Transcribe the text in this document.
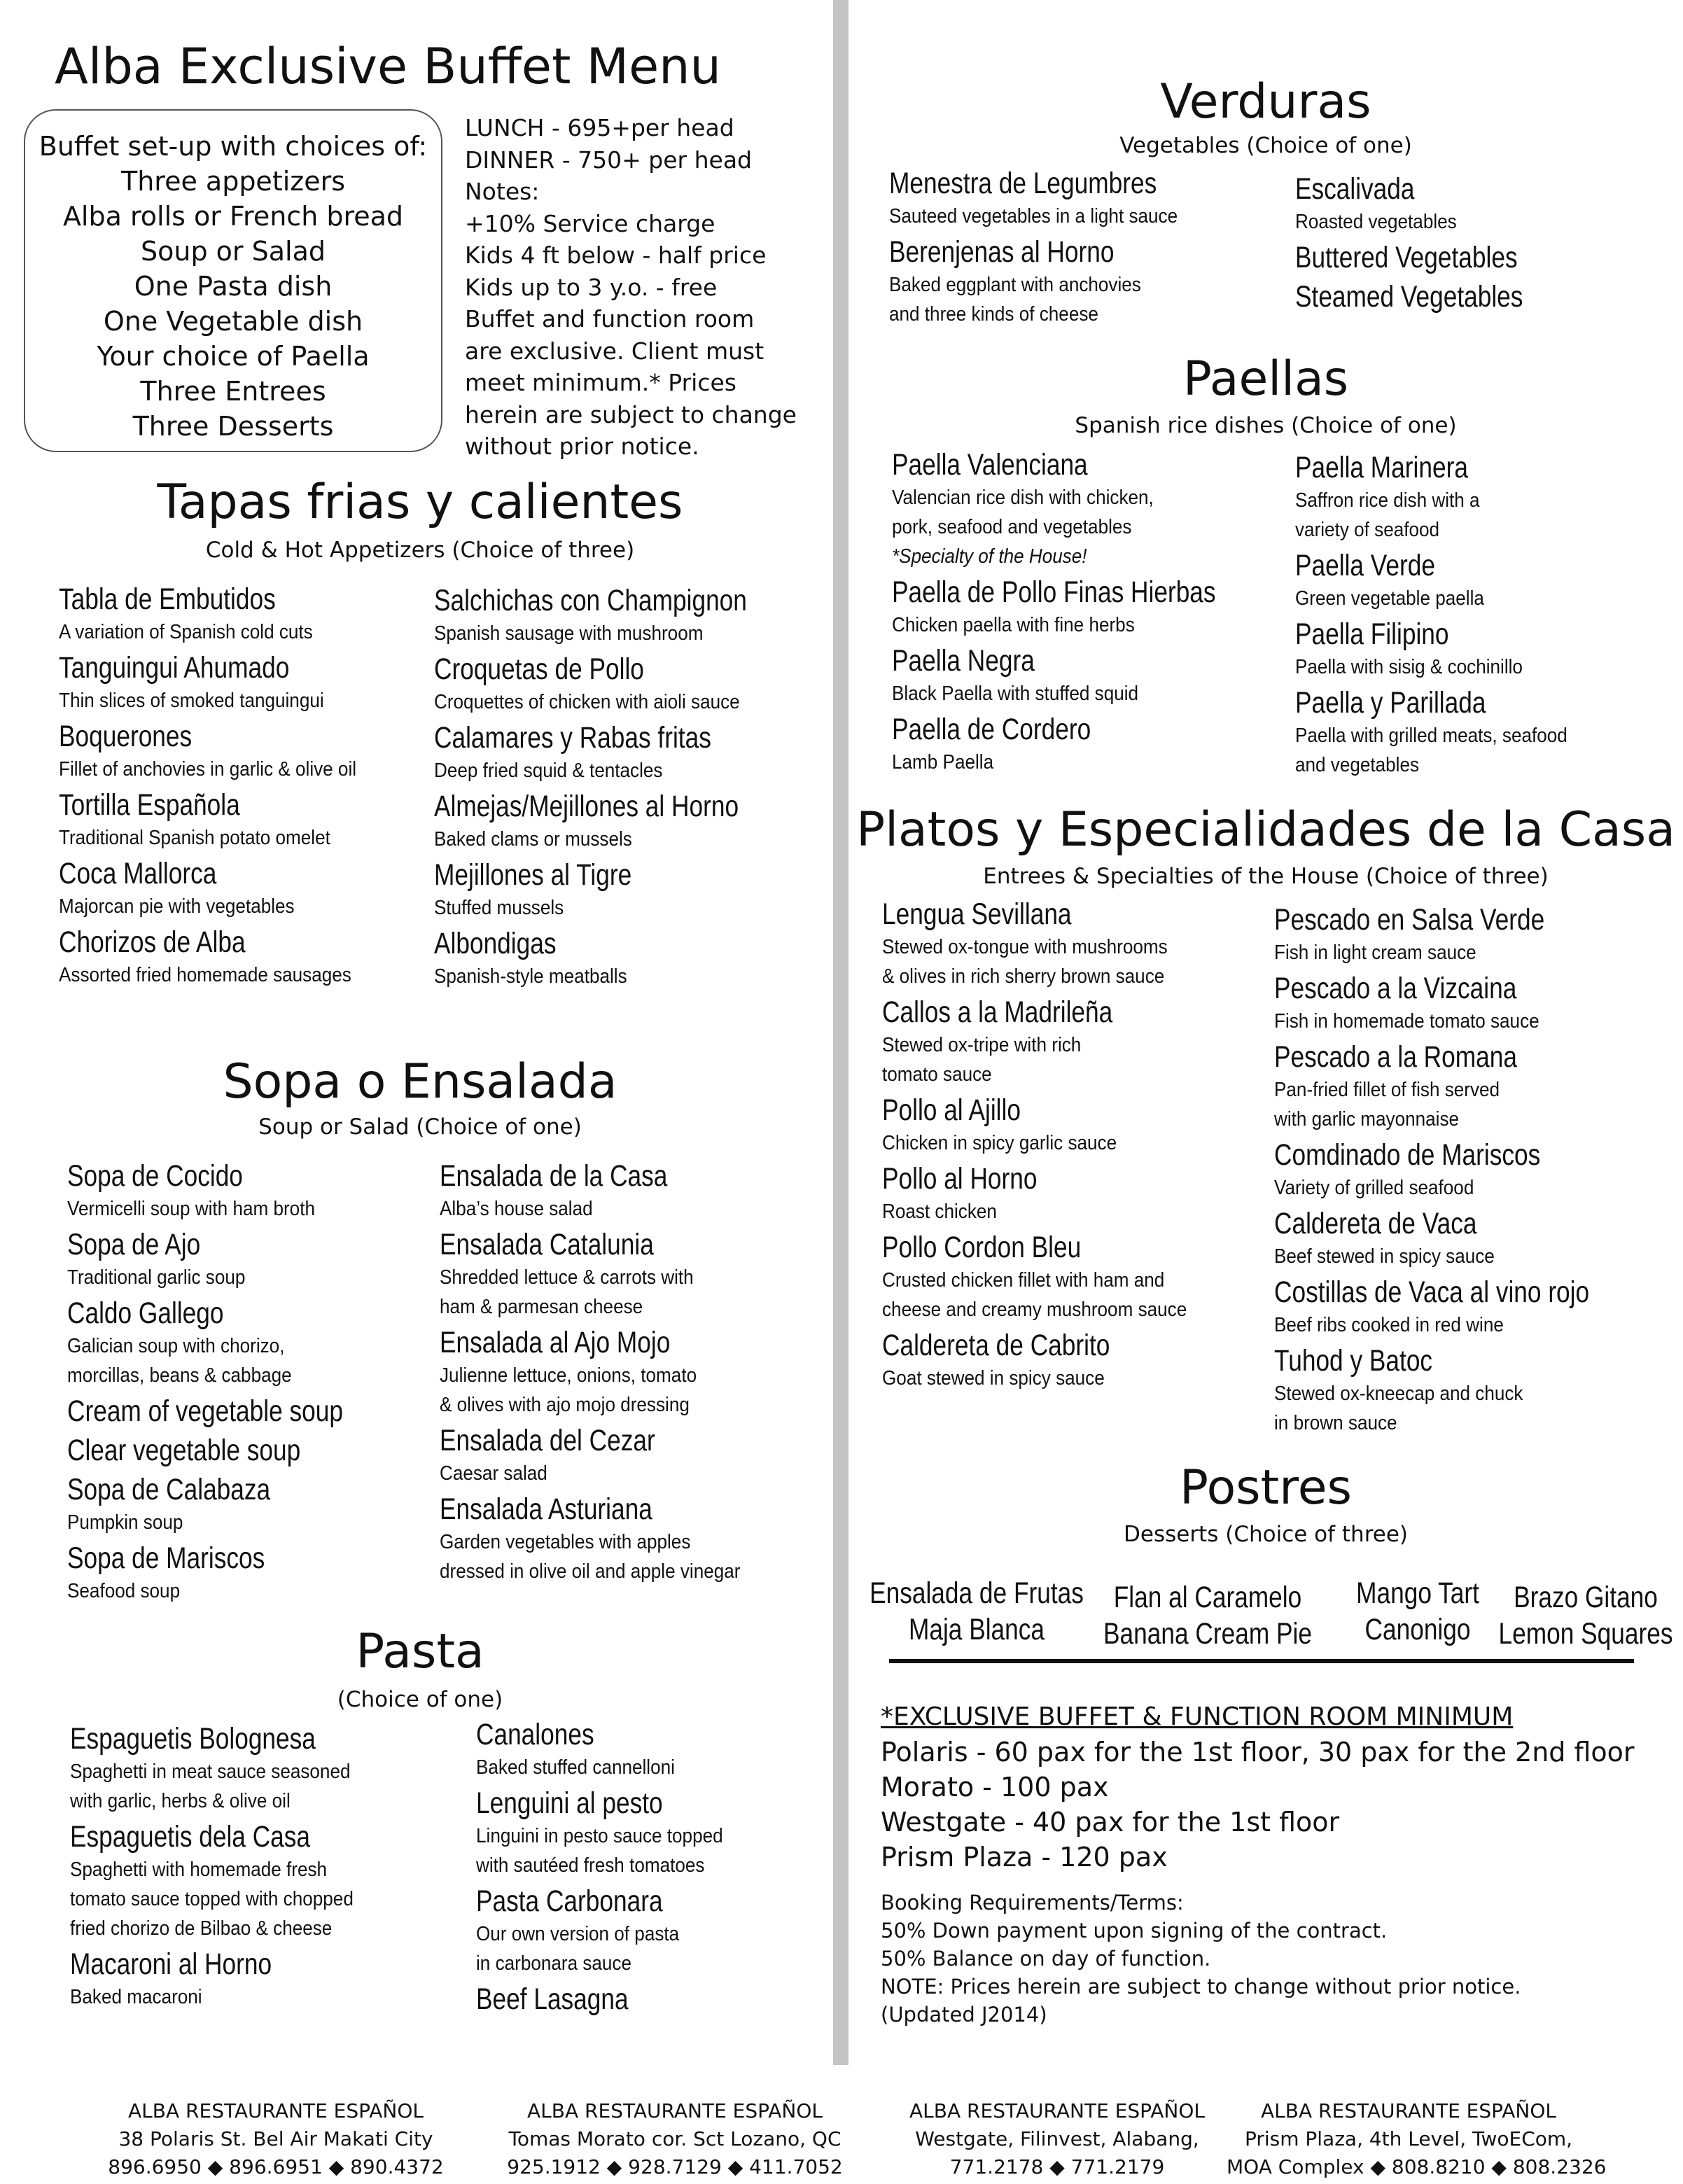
Alba Exclusive Buffet Menu
Buffet set-up with choices of:
Three appetizers
Alba rolls or French bread
Soup or Salad
One Pasta dish
One Vegetable dish
Your choice of Paella
Three Entrees
Three Desserts
LUNCH - 695+per head
DINNER - 750+ per head
Notes:
+10% Service charge
Kids 4 ft below - half price
Kids up to 3 y.o. - free
Buffet and function room
are exclusive. Client must
meet minimum.* Prices
herein are subject to change
without prior notice.
Tapas frias y calientes
Cold & Hot Appetizers (Choice of three)
Tabla de Embutidos
A variation of Spanish cold cuts
Tanguingui Ahumado
Thin slices of smoked tanguingui
Boquerones
Fillet of anchovies in garlic & olive oil
Tortilla Española
Traditional Spanish potato omelet
Coca Mallorca
Majorcan pie with vegetables
Chorizos de Alba
Assorted fried homemade sausages
Salchichas con Champignon
Spanish sausage with mushroom
Croquetas de Pollo
Croquettes of chicken with aioli sauce
Calamares y Rabas fritas
Deep fried squid & tentacles
Almejas/Mejillones al Horno
Baked clams or mussels
Mejillones al Tigre
Stuffed mussels
Albondigas
Spanish-style meatballs
Sopa o Ensalada
Soup or Salad (Choice of one)
Sopa de Cocido
Vermicelli soup with ham broth
Sopa de Ajo
Traditional garlic soup
Caldo Gallego
Galician soup with chorizo,
morcillas, beans & cabbage
Cream of vegetable soup
Clear vegetable soup
Sopa de Calabaza
Pumpkin soup
Sopa de Mariscos
Seafood soup
Ensalada de la Casa
Alba’s house salad
Ensalada Catalunia
Shredded lettuce & carrots with
ham & parmesan cheese
Ensalada al Ajo Mojo
Julienne lettuce, onions, tomato
& olives with ajo mojo dressing
Ensalada del Cezar
Caesar salad
Ensalada Asturiana
Garden vegetables with apples
dressed in olive oil and apple vinegar
Pasta
(Choice of one)
Espaguetis Bolognesa
Spaghetti in meat sauce seasoned
with garlic, herbs & olive oil
Espaguetis dela Casa
Spaghetti with homemade fresh
tomato sauce topped with chopped
fried chorizo de Bilbao & cheese
Macaroni al Horno
Baked macaroni
Canalones
Baked stuffed cannelloni
Lenguini al pesto
Linguini in pesto sauce topped
with sautéed fresh tomatoes
Pasta Carbonara
Our own version of pasta
in carbonara sauce
Beef Lasagna
Verduras
Vegetables (Choice of one)
Menestra de Legumbres
Sauteed vegetables in a light sauce
Berenjenas al Horno
Baked eggplant with anchovies
and three kinds of cheese
Escalivada
Roasted vegetables
Buttered Vegetables
Steamed Vegetables
Paellas
Spanish rice dishes (Choice of one)
Paella Valenciana
Valencian rice dish with chicken,
pork, seafood and vegetables
*Specialty of the House!
Paella de Pollo Finas Hierbas
Chicken paella with fine herbs
Paella Negra
Black Paella with stuffed squid
Paella de Cordero
Lamb Paella
Paella Marinera
Saffron rice dish with a
variety of seafood
Paella Verde
Green vegetable paella
Paella Filipino
Paella with sisig & cochinillo
Paella y Parillada
Paella with grilled meats, seafood
and vegetables
Platos y Especialidades de la Casa
Entrees & Specialties of the House (Choice of three)
Lengua Sevillana
Stewed ox-tongue with mushrooms
& olives in rich sherry brown sauce
Callos a la Madrileña
Stewed ox-tripe with rich
tomato sauce
Pollo al Ajillo
Chicken in spicy garlic sauce
Pollo al Horno
Roast chicken
Pollo Cordon Bleu
Crusted chicken fillet with ham and
cheese and creamy mushroom sauce
Caldereta de Cabrito
Goat stewed in spicy sauce
Pescado en Salsa Verde
Fish in light cream sauce
Pescado a la Vizcaina
Fish in homemade tomato sauce
Pescado a la Romana
Pan-fried fillet of fish served
with garlic mayonnaise
Comdinado de Mariscos
Variety of grilled seafood
Caldereta de Vaca
Beef stewed in spicy sauce
Costillas de Vaca al vino rojo
Beef ribs cooked in red wine
Tuhod y Batoc
Stewed ox-kneecap and chuck
in brown sauce
Postres
Desserts (Choice of three)
Ensalada de Frutas
Maja Blanca
Flan al Caramelo
Banana Cream Pie
Mango Tart
Canonigo
Brazo Gitano
Lemon Squares
*EXCLUSIVE BUFFET & FUNCTION ROOM MINIMUM
Polaris - 60 pax for the 1st floor, 30 pax for the 2nd floor
Morato - 100 pax
Westgate - 40 pax for the 1st floor
Prism Plaza - 120 pax
Booking Requirements/Terms:
50% Down payment upon signing of the contract.
50% Balance on day of function.
NOTE: Prices herein are subject to change without prior notice.
(Updated J2014)
ALBA RESTAURANTE ESPAÑOL
38 Polaris St. Bel Air Makati City
896.6950 ◆ 896.6951 ◆ 890.4372
ALBA RESTAURANTE ESPAÑOL
Tomas Morato cor. Sct Lozano, QC
925.1912 ◆ 928.7129 ◆ 411.7052
ALBA RESTAURANTE ESPAÑOL
Westgate, Filinvest, Alabang,
771.2178 ◆ 771.2179
ALBA RESTAURANTE ESPAÑOL
Prism Plaza, 4th Level, TwoECom,
MOA Complex ◆ 808.8210 ◆ 808.2326
